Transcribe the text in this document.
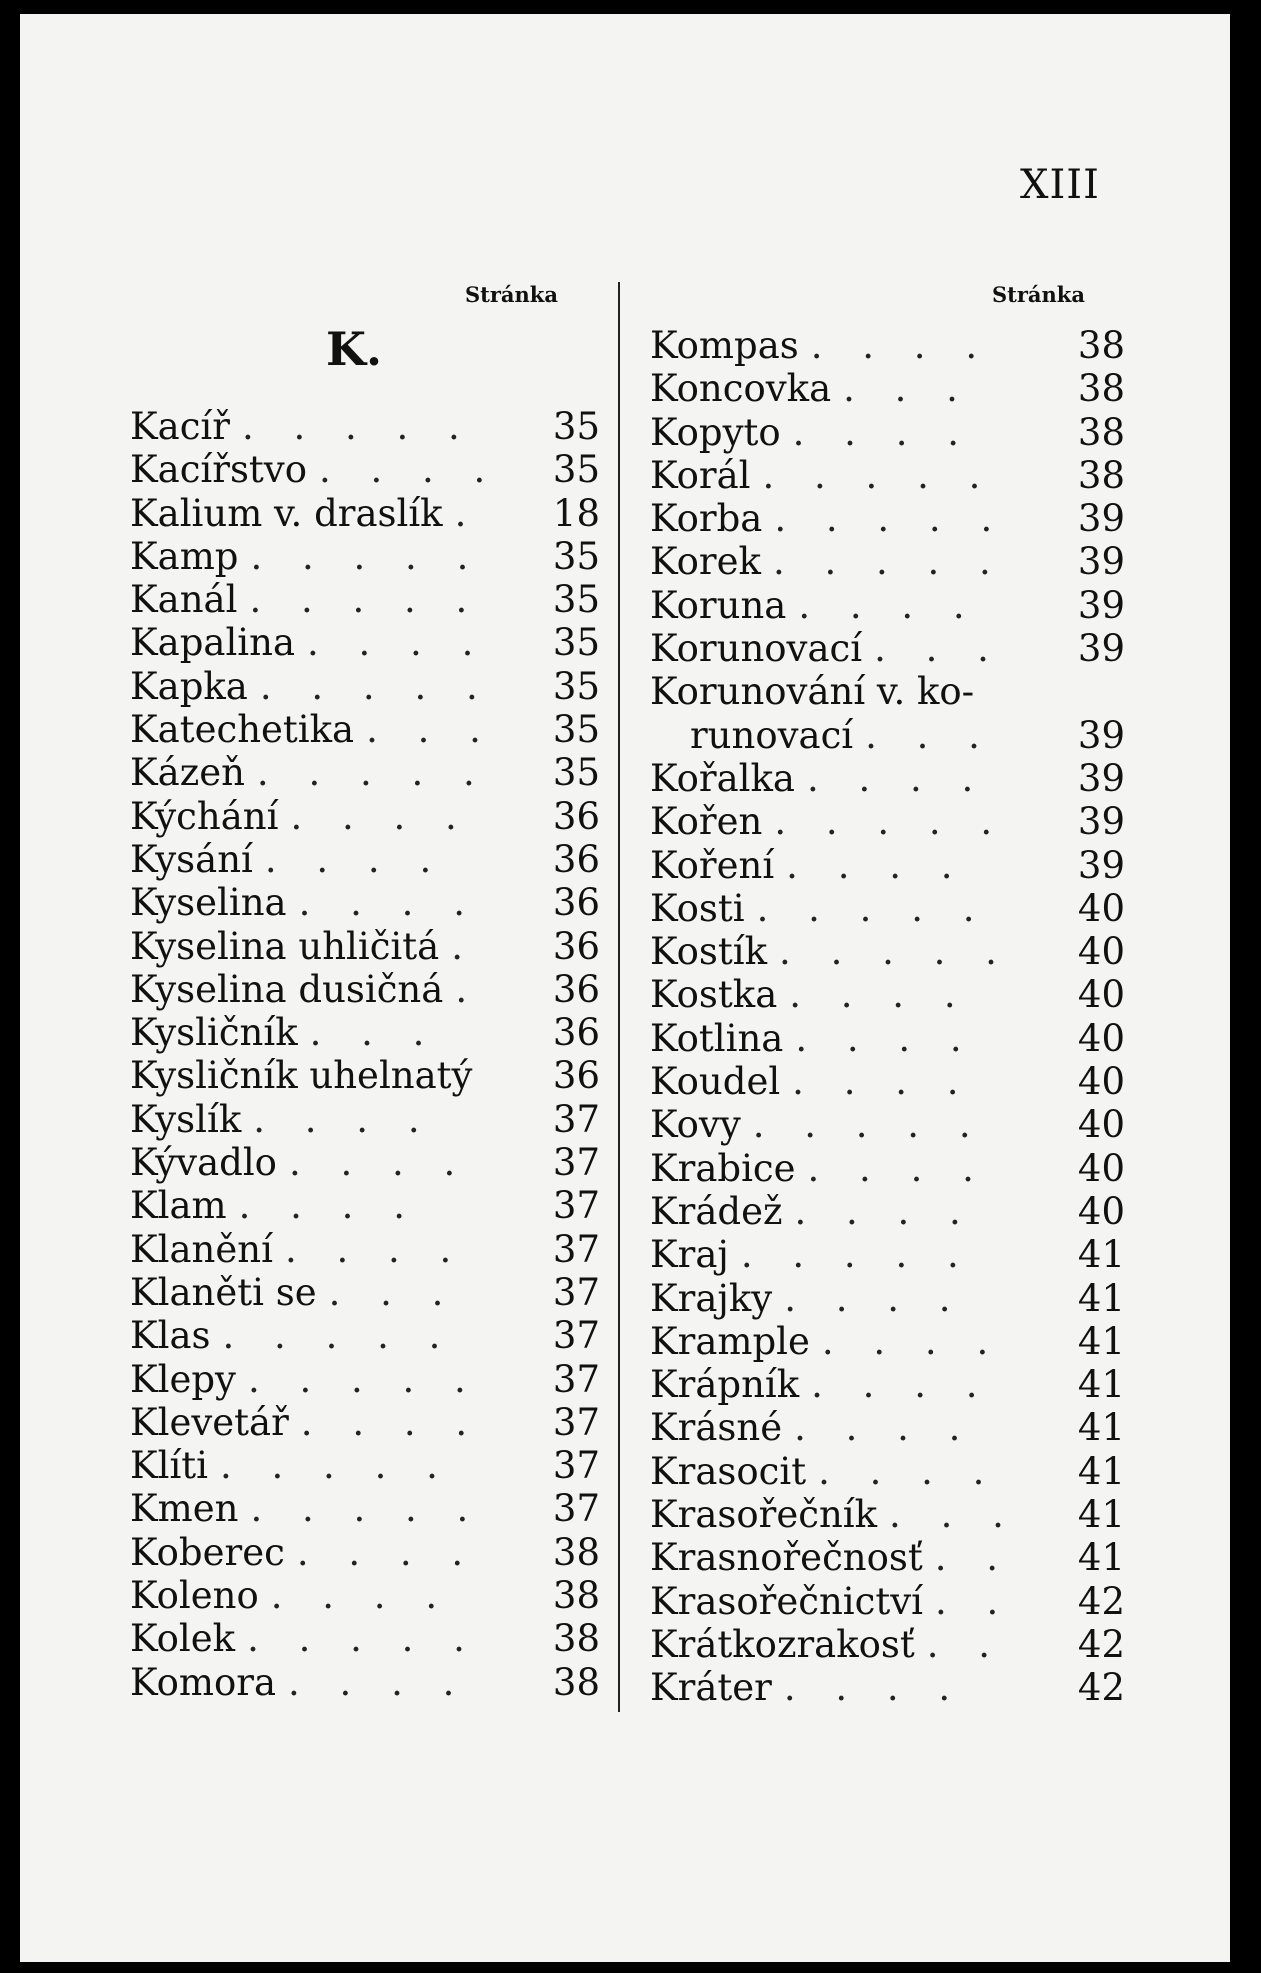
XIII
Stránka	Stránka
K.
Kacíř . . . . .	35
Kacířstvo . . . .	35
Kalium v. draslík .	18
Kamp . . . . .	35
Kanál . . . . .	35
Kapalina . . . .	35
Kapka . . . . .	35
Katechetika . . .	35
Kázeň . . . . .	35
Kýchání . . . .	36
Kysání . . . .	36
Kyselina . . . .	36
Kyselina uhličitá .	36
Kyselina dusičná .	36
Kysličník . . .	36
Kysličník uhelnatý 36
Kyslík . . . .	37
Kývadlo . . . .	37
Klam . . . .	37
Klanění . . . .	37
Klaněti se . . .	37
Klas . . . . .	37
Klepy . . . . .	37
Klevetář . . . .	37
Klíti . . . . .	37
Kmen . . . . .	37
Koberec . . . .	38
Koleno . . . .	38
Kolek . . . . .	38
Komora . . . .	38
Kompas . . . .	38
Koncovka . . .	38
Kopyto . . . .	38
Korál . . . . .	38
Korba . . . . .	39
Korek . . . . .	39
Koruna . . . .	39
Korunovací . . .	39
Korunování v. ko-
runovací . . .	39
Kořalka . . . .	39
Kořen . . . . .	39
Koření . . . .	39
Kosti . . . . .	40
Kostík . . . . .	40
Kostka . . . .	40
Kotlina . . . .	40
Koudel . . . .	40
Kovy . . . . .	40
Krabice . . . .	40
Krádež . . . .	40
Kraj . . . . .	41
Krajky . . . .	41
Krample . . . .	41
Krápník . . . .	41
Krásné . . . .	41
Krasocit . . . .	41
Krasořečník . . .	41
Krasnořečnosť . .	41
Krasořečnictví . .	42
Krátkozrakosť . .	42
Kráter . . . .	42
